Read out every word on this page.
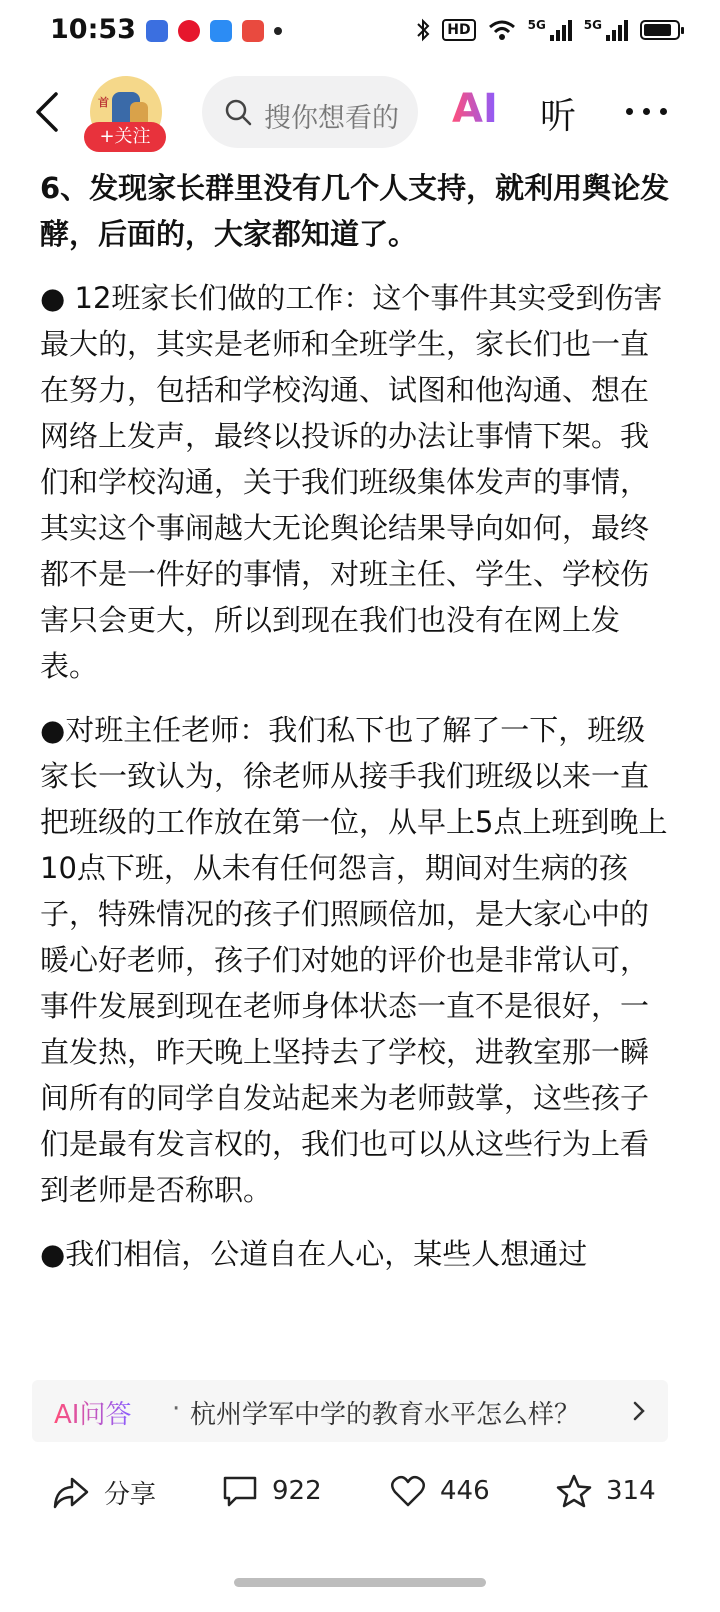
10:53	HD	5G	5G
首
+关注
搜你想看的 AI 听

6、发现家长群里没有几个人支持，就利用舆论发酵，后面的，大家都知道了。

● 12班家长们做的工作：这个事件其实受到伤害最大的，其实是老师和全班学生，家长们也一直在努力，包括和学校沟通、试图和他沟通、想在网络上发声，最终以投诉的办法让事情下架。我们和学校沟通，关于我们班级集体发声的事情，其实这个事闹越大无论舆论结果导向如何，最终都不是一件好的事情，对班主任、学生、学校伤害只会更大，所以到现在我们也没有在网上发表。

●对班主任老师：我们私下也了解了一下，班级家长一致认为，徐老师从接手我们班级以来一直把班级的工作放在第一位，从早上5点上班到晚上10点下班，从未有任何怨言，期间对生病的孩子，特殊情况的孩子们照顾倍加，是大家心中的暖心好老师，孩子们对她的评价也是非常认可，事件发展到现在老师身体状态一直不是很好，一直发热，昨天晚上坚持去了学校，进教室那一瞬间所有的同学自发站起来为老师鼓掌，这些孩子们是最有发言权的，我们也可以从这些行为上看到老师是否称职。

●我们相信，公道自在人心，某些人想通过

AI问答 · 杭州学军中学的教育水平怎么样？
分享	922	446	314
